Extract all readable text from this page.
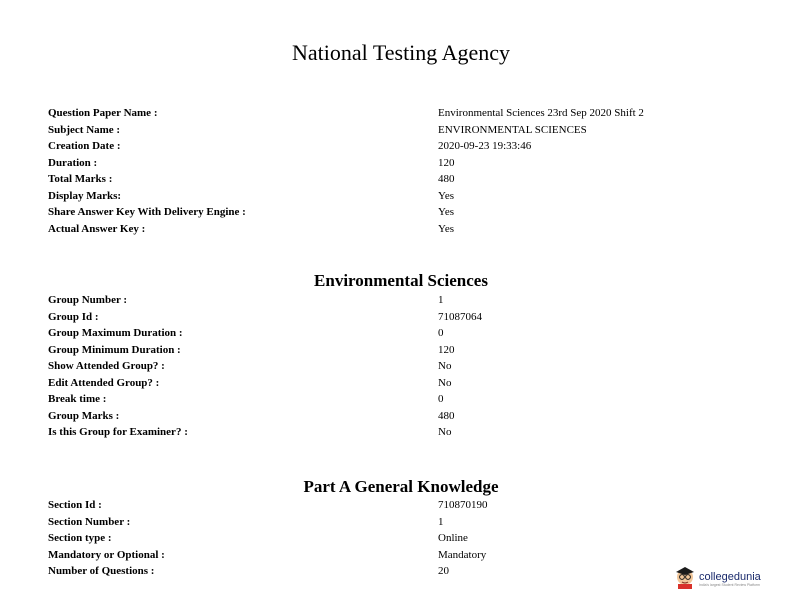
National Testing Agency
Question Paper Name :	Environmental Sciences 23rd Sep 2020 Shift 2
Subject Name :	ENVIRONMENTAL SCIENCES
Creation Date :	2020-09-23 19:33:46
Duration :	120
Total Marks :	480
Display Marks:	Yes
Share Answer Key With Delivery Engine :	Yes
Actual Answer Key :	Yes
Environmental Sciences
Group Number :	1
Group Id :	71087064
Group Maximum Duration :	0
Group Minimum Duration :	120
Show Attended Group? :	No
Edit Attended Group? :	No
Break time :	0
Group Marks :	480
Is this Group for Examiner? :	No
Part A General Knowledge
Section Id :	710870190
Section Number :	1
Section type :	Online
Mandatory or Optional :	Mandatory
Number of Questions :	20	collegedunia
India's largest Student Review Platform
